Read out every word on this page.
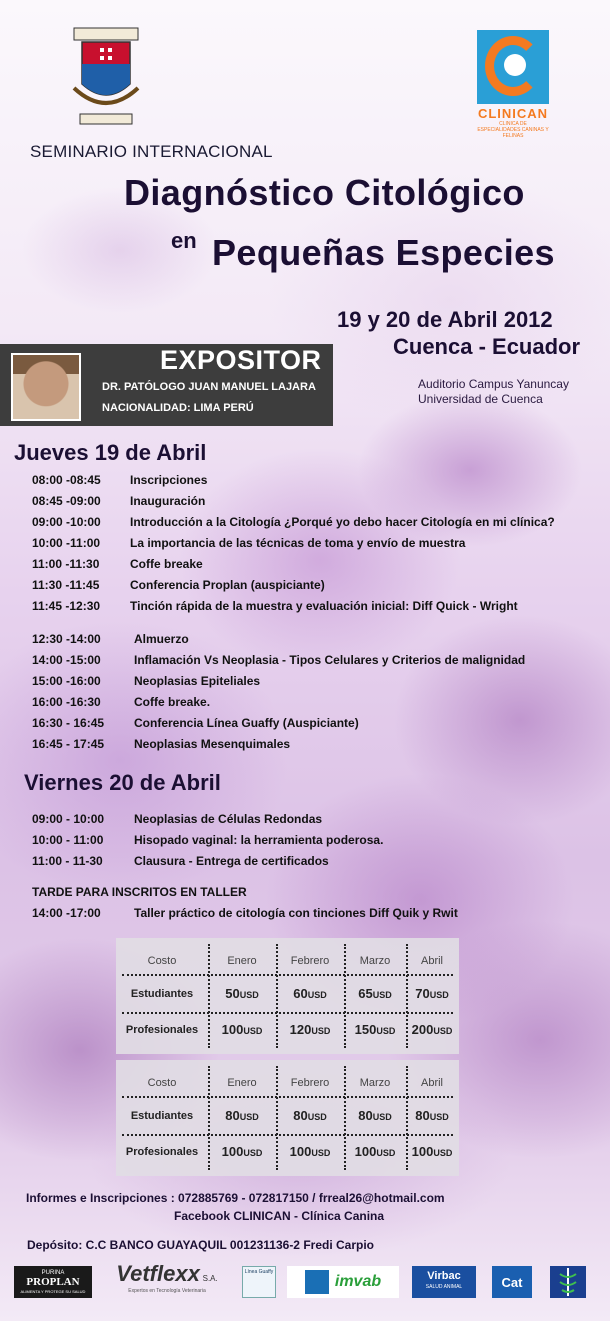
CLINICAN
CLINICA DE ESPECIALIDADES CANINAS Y FELINAS
SEMINARIO INTERNACIONAL
Diagnóstico Citológico
en Pequeñas Especies
19 y 20 de Abril 2012
Cuenca - Ecuador
Auditorio Campus Yanuncay
Universidad de Cuenca
EXPOSITOR
DR. PATÓLOGO JUAN MANUEL LAJARA
NACIONALIDAD: LIMA PERÚ
Jueves 19 de Abril
08:00 -08:45 Inscripciones
08:45 -09:00 Inauguración
09:00 -10:00 Introducción a la Citología ¿Porqué yo debo hacer Citología en mi clínica?
10:00 -11:00 La importancia de las técnicas de toma y envío de muestra
11:00 -11:30	Coffe breake
11:30 -11:45	Conferencia Proplan (auspiciante)
11:45 -12:30 Tinción rápida de la muestra y evaluación inicial: Diff Quick - Wright
12:30 -14:00	Almuerzo
14:00 -15:00	Inflamación Vs Neoplasia - Tipos Celulares y Criterios de malignidad
15:00 -16:00	Neoplasias Epiteliales
16:00 -16:30	Coffe breake.
16:30 - 16:45 Conferencia Línea Guaffy (Auspiciante)
16:45 - 17:45 Neoplasias Mesenquimales
Viernes 20 de Abril
09:00 - 10:00 Neoplasias de Células Redondas
10:00 - 11:00	Hisopado vaginal: la herramienta poderosa.
11:00 - 11-30	Clausura - Entrega de certificados
TARDE PARA INSCRITOS EN TALLER
14:00 -17:00	Taller práctico de citología con tinciones Diff Quik y Rwit
Costo	Enero	Febrero	Marzo	Abril
Estudiantes	50USD	60USD	65USD	70USD
Profesionales	100USD	120USD	150USD	200USD
Costo	Enero	Febrero	Marzo	Abril
Estudiantes	80USD	80USD	80USD	80USD
Profesionales	100USD	100USD	100USD	100USD
Informes e Inscripciones : 072885769 - 072817150 / frreal26@hotmail.com
Facebook CLINICAN - Clínica Canina
Depósito: C.C BANCO GUAYAQUIL 001231136-2 Fredi Carpio
PURINA
PROPLAN
ALIMENTA Y PROTEGE SU SALUD
Vetflexx S.A.
Expertos en Tecnología Veterinaria
Línea Guaffy
imvab	Virbac
SALUD ANIMAL	Cat
